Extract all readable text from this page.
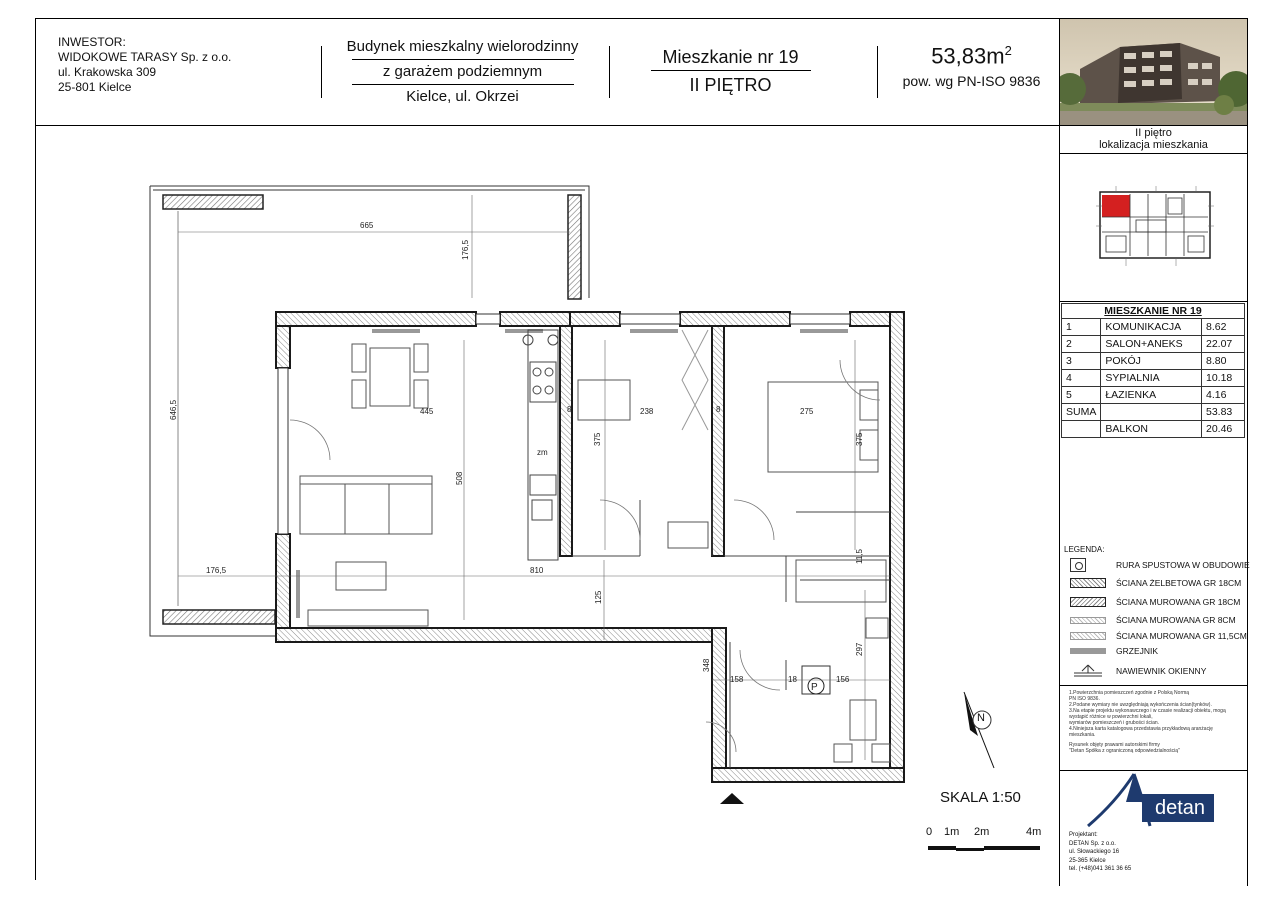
INWESTOR:
WIDOKOWE TARASY Sp. z o.o.
ul. Krakowska 309
25-801 Kielce
Budynek mieszkalny wielorodzinny
z garażem podziemnym
Kielce, ul. Okrzei
Mieszkanie nr 19
II PIĘTRO
$53,83m^2$
pow. wg PN-ISO 9836
II piętro
lokalizacja mieszkania
MIESZKANIE NR 19		
1	KOMUNIKACJA	8.62
2	SALON+ANEKS	22.07
3	POKÓJ	8.80
4	SYPIALNIA	10.18
5	ŁAZIENKA	4.16
SUMA		53.83
	BALKON	20.46
LEGENDA:
RURA SPUSTOWA W OBUDOWIE
ŚCIANA ŻELBETOWA GR 18CM
ŚCIANA MUROWANA GR 18CM
ŚCIANA MUROWANA GR 8CM
ŚCIANA MUROWANA GR 11,5CM
GRZEJNIK
NAWIEWNIK OKIENNY
1.Powierzchnia pomieszczeń zgodnie z Polską Normą
PN ISO 9836.
2.Podane wymiary nie uwzględniają wykończenia ścian(tynków).
3.Na etapie projektu wykonawczego i w czasie realizacji obiektu, mogą
wystąpić różnice w powierzchni lokali,
wymiarów pomieszczeń i grubości ścian.
4.Niniejsza karta katalogowa przedstawia przykładową aranżację
mieszkania.
Rysunek objęty prawami autorskimi firmy
"Detan Spółka z ograniczoną odpowiedzialnością"
detan
Projektant:
DETAN Sp. z o.o.
ul. Słowackiego 16
25-365 Kielce
tel. (+48)041 361 36 65
665
176,5
646,5	445
508
176,5	810
238	275
375	375
8	8
125
348
158	18	156
297
11,5
zm
P
N
SKALA 1:50
0 1m 2m	4m
